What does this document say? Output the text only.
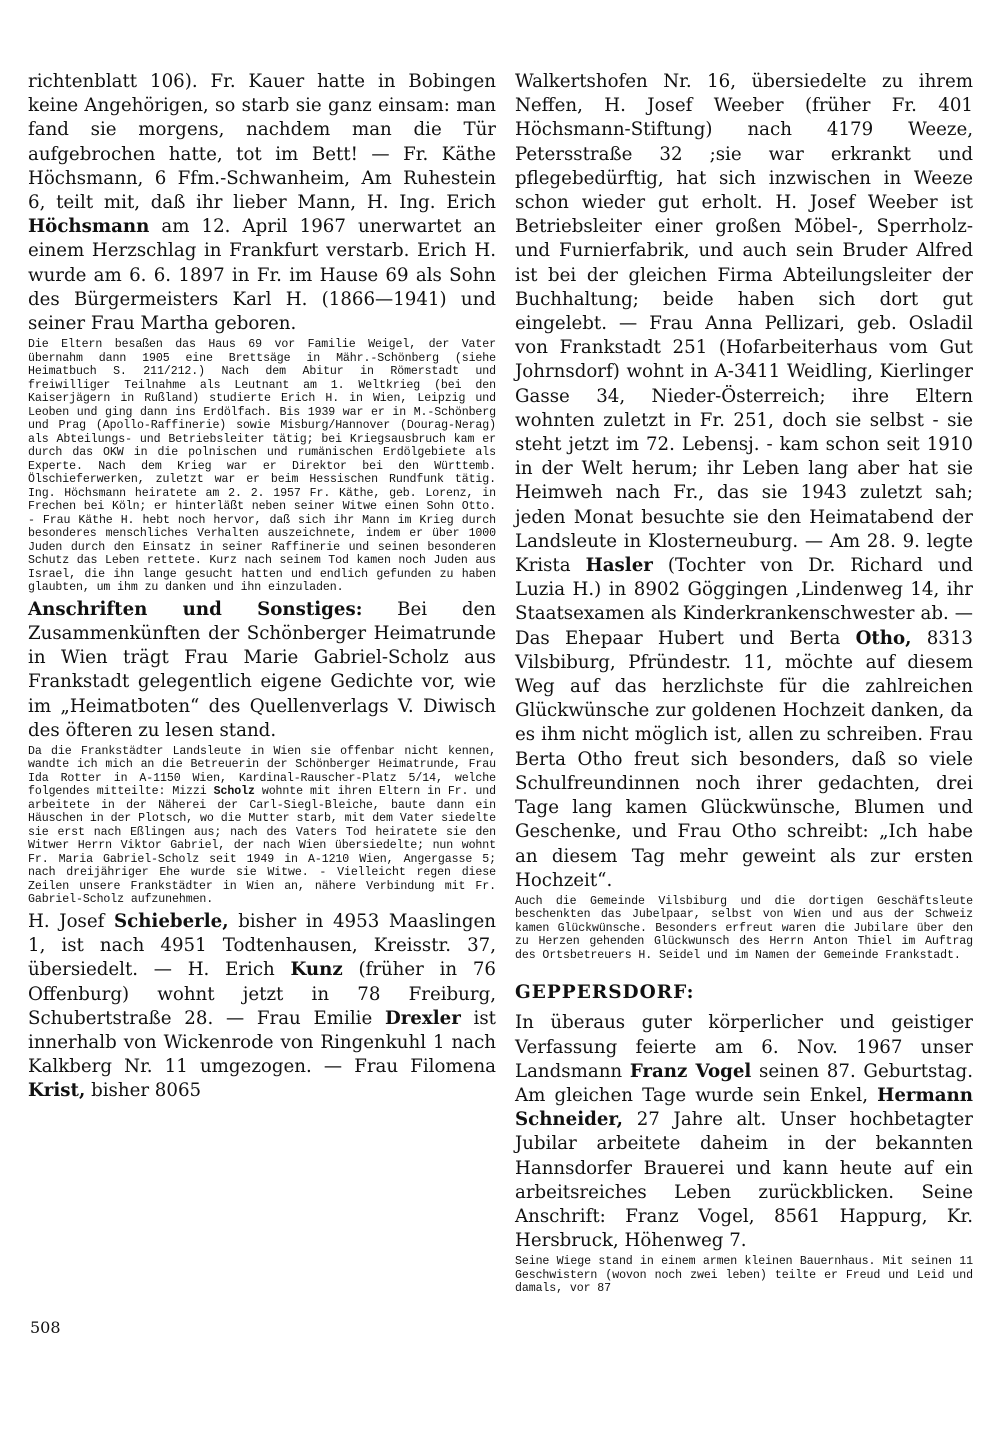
richtenblatt 106). Fr. Kauer hatte in Bobingen keine Angehörigen, so starb sie ganz einsam: man fand sie morgens, nachdem man die Tür aufgebrochen hatte, tot im Bett! — Fr. Käthe Höchsmann, 6 Ffm.-Schwanheim, Am Ruhestein 6, teilt mit, daß ihr lieber Mann, H. Ing. Erich Höchsmann am 12. April 1967 unerwartet an einem Herzschlag in Frankfurt verstarb. Erich H. wurde am 6. 6. 1897 in Fr. im Hause 69 als Sohn des Bürgermeisters Karl H. (1866—1941) und seiner Frau Martha geboren.

Die Eltern besaßen das Haus 69 vor Familie Weigel, der Vater übernahm dann 1905 eine Brettsäge in Mähr.-Schönberg (siehe Heimatbuch S. 211/212.) Nach dem Abitur in Römerstadt und freiwilliger Teilnahme als Leutnant am 1. Weltkrieg (bei den Kaiserjägern in Rußland) studierte Erich H. in Wien, Leipzig und Leoben und ging dann ins Erdölfach. Bis 1939 war er in M.-Schönberg und Prag (Apollo-Raffinerie) sowie Misburg/Hannover (Dourag-Nerag) als Abteilungs- und Betriebsleiter tätig; bei Kriegsausbruch kam er durch das OKW in die polnischen und rumänischen Erdölgebiete als Experte. Nach dem Krieg war er Direktor bei den Württemb. Ölschieferwerken, zuletzt war er beim Hessischen Rundfunk tätig. Ing. Höchsmann heiratete am 2. 2. 1957 Fr. Käthe, geb. Lorenz, in Frechen bei Köln; er hinterläßt neben seiner Witwe einen Sohn Otto. - Frau Käthe H. hebt noch hervor, daß sich ihr Mann im Krieg durch besonderes menschliches Verhalten auszeichnete, indem er über 1000 Juden durch den Einsatz in seiner Raffinerie und seinen besonderen Schutz das Leben rettete. Kurz nach seinem Tod kamen noch Juden aus Israel, die ihn lange gesucht hatten und endlich gefunden zu haben glaubten, um ihm zu danken und ihn einzuladen.

Anschriften und Sonstiges: Bei den Zusammenkünften der Schönberger Heimatrunde in Wien trägt Frau Marie Gabriel-Scholz aus Frankstadt gelegentlich eigene Gedichte vor, wie im „Heimatboten“ des Quellenverlags V. Diwisch des öfteren zu lesen stand.

Da die Frankstädter Landsleute in Wien sie offenbar nicht kennen, wandte ich mich an die Betreuerin der Schönberger Heimatrunde, Frau Ida Rotter in A-1150 Wien, Kardinal-Rauscher-Platz 5/14, welche folgendes mitteilte: Mizzi Scholz wohnte mit ihren Eltern in Fr. und arbeitete in der Näherei der Carl-Siegl-Bleiche, baute dann ein Häuschen in der Plotsch, wo die Mutter starb, mit dem Vater siedelte sie erst nach Eßlingen aus; nach des Vaters Tod heiratete sie den Witwer Herrn Viktor Gabriel, der nach Wien übersiedelte; nun wohnt Fr. Maria Gabriel-Scholz seit 1949 in A-1210 Wien, Angergasse 5; nach dreijähriger Ehe wurde sie Witwe. - Vielleicht regen diese Zeilen unsere Frankstädter in Wien an, nähere Verbindung mit Fr. Gabriel-Scholz aufzunehmen.

H. Josef Schieberle, bisher in 4953 Maaslingen 1, ist nach 4951 Todtenhausen, Kreisstr. 37, übersiedelt. — H. Erich Kunz (früher in 76 Offenburg) wohnt jetzt in 78 Freiburg, Schubertstraße 28. — Frau Emilie Drexler ist innerhalb von Wickenrode von Ringenkuhl 1 nach Kalkberg Nr. 11 umgezogen. — Frau Filomena Krist, bisher 8065

Walkertshofen Nr. 16, übersiedelte zu ihrem Neffen, H. Josef Weeber (früher Fr. 401 Höchsmann-Stiftung) nach 4179 Weeze, Petersstraße 32 ;sie war erkrankt und pflegebedürftig, hat sich inzwischen in Weeze schon wieder gut erholt. H. Josef Weeber ist Betriebsleiter einer großen Möbel-, Sperrholz- und Furnierfabrik, und auch sein Bruder Alfred ist bei der gleichen Firma Abteilungsleiter der Buchhaltung; beide haben sich dort gut eingelebt. — Frau Anna Pellizari, geb. Osladil von Frankstadt 251 (Hofarbeiterhaus vom Gut Johrnsdorf) wohnt in A-3411 Weidling, Kierlinger Gasse 34, Nieder-Österreich; ihre Eltern wohnten zuletzt in Fr. 251, doch sie selbst - sie steht jetzt im 72. Lebensj. - kam schon seit 1910 in der Welt herum; ihr Leben lang aber hat sie Heimweh nach Fr., das sie 1943 zuletzt sah; jeden Monat besuchte sie den Heimatabend der Landsleute in Klosterneuburg. — Am 28. 9. legte Krista Hasler (Tochter von Dr. Richard und Luzia H.) in 8902 Göggingen ,Lindenweg 14, ihr Staatsexamen als Kinderkrankenschwester ab. — Das Ehepaar Hubert und Berta Otho, 8313 Vilsbiburg, Pfründestr. 11, möchte auf diesem Weg auf das herzlichste für die zahlreichen Glückwünsche zur goldenen Hochzeit danken, da es ihm nicht möglich ist, allen zu schreiben. Frau Berta Otho freut sich besonders, daß so viele Schulfreundinnen noch ihrer gedachten, drei Tage lang kamen Glückwünsche, Blumen und Geschenke, und Frau Otho schreibt: „Ich habe an diesem Tag mehr geweint als zur ersten Hochzeit“.

Auch die Gemeinde Vilsbiburg und die dortigen Geschäftsleute beschenkten das Jubelpaar, selbst von Wien und aus der Schweiz kamen Glückwünsche. Besonders erfreut waren die Jubilare über den zu Herzen gehenden Glückwunsch des Herrn Anton Thiel im Auftrag des Ortsbetreuers H. Seidel und im Namen der Gemeinde Frankstadt.

GEPPERSDORF:

In überaus guter körperlicher und geistiger Verfassung feierte am 6. Nov. 1967 unser Landsmann Franz Vogel seinen 87. Geburtstag. Am gleichen Tage wurde sein Enkel, Hermann Schneider, 27 Jahre alt. Unser hochbetagter Jubilar arbeitete daheim in der bekannten Hannsdorfer Brauerei und kann heute auf ein arbeitsreiches Leben zurückblicken. Seine Anschrift: Franz Vogel, 8561 Happurg, Kr. Hersbruck, Höhenweg 7.

Seine Wiege stand in einem armen kleinen Bauernhaus. Mit seinen 11 Geschwistern (wovon noch zwei leben) teilte er Freud und Leid und damals, vor 87

508
